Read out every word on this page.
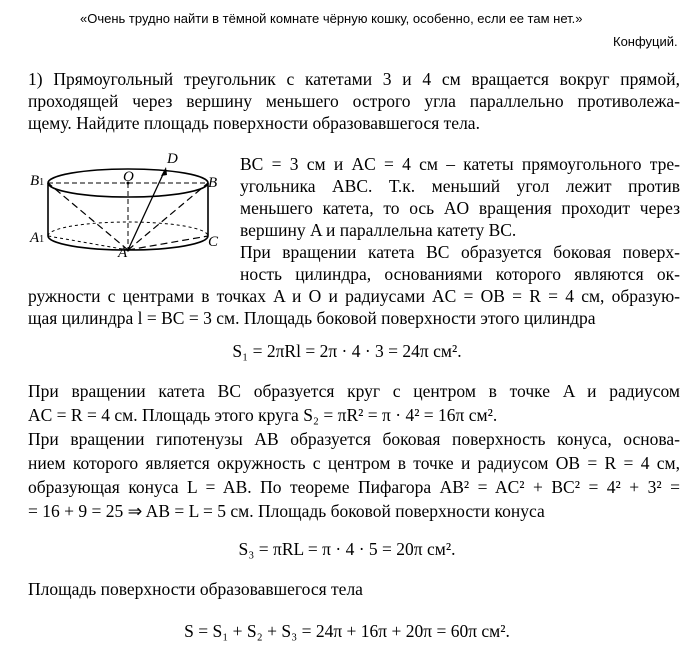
«Очень трудно найти в тёмной комнате чёрную кошку, особенно, если ее там нет.»
Конфуций.
1) Прямоугольный треугольник с катетами 3 и 4 см вращается вокруг прямой,
проходящей через вершину меньшего острого угла параллельно противолежа-
щему. Найдите площадь поверхности образовавшегося тела.
D
O
B1	B
A1	C
A
BC = 3 см и AC = 4 см – катеты прямоугольного тре-
угольника ABC. Т.к. меньший угол лежит против
меньшего катета, то ось AO вращения проходит через
вершину A и параллельна катету BC.
При вращении катета BC образуется боковая поверх-
ность цилиндра, основаниями которого являются ок-
ружности с центрами в точках A и O и радиусами AC = OB = R = 4 см, образую-
щая цилиндра l = BC = 3 см. Площадь боковой поверхности этого цилиндра
S₁ = 2πRl = 2π · 4 · 3 = 24π см².
При вращении катета BC образуется круг с центром в точке A и радиусом
AC = R = 4 см. Площадь этого круга S₂ = πR² = π · 4² = 16π см².
При вращении гипотенузы AB образуется боковая поверхность конуса, основа-
нием которого является окружность с центром в точке и радиусом OB = R = 4 см,
образующая конуса L = AB. По теореме Пифагора AB² = AC² + BC² = 4² + 3² =
= 16 + 9 = 25 ⇒ AB = L = 5 см. Площадь боковой поверхности конуса
S₃ = πRL = π · 4 · 5 = 20π см².
Площадь поверхности образовавшегося тела
S = S₁ + S₂ + S₃ = 24π + 16π + 20π = 60π см².
